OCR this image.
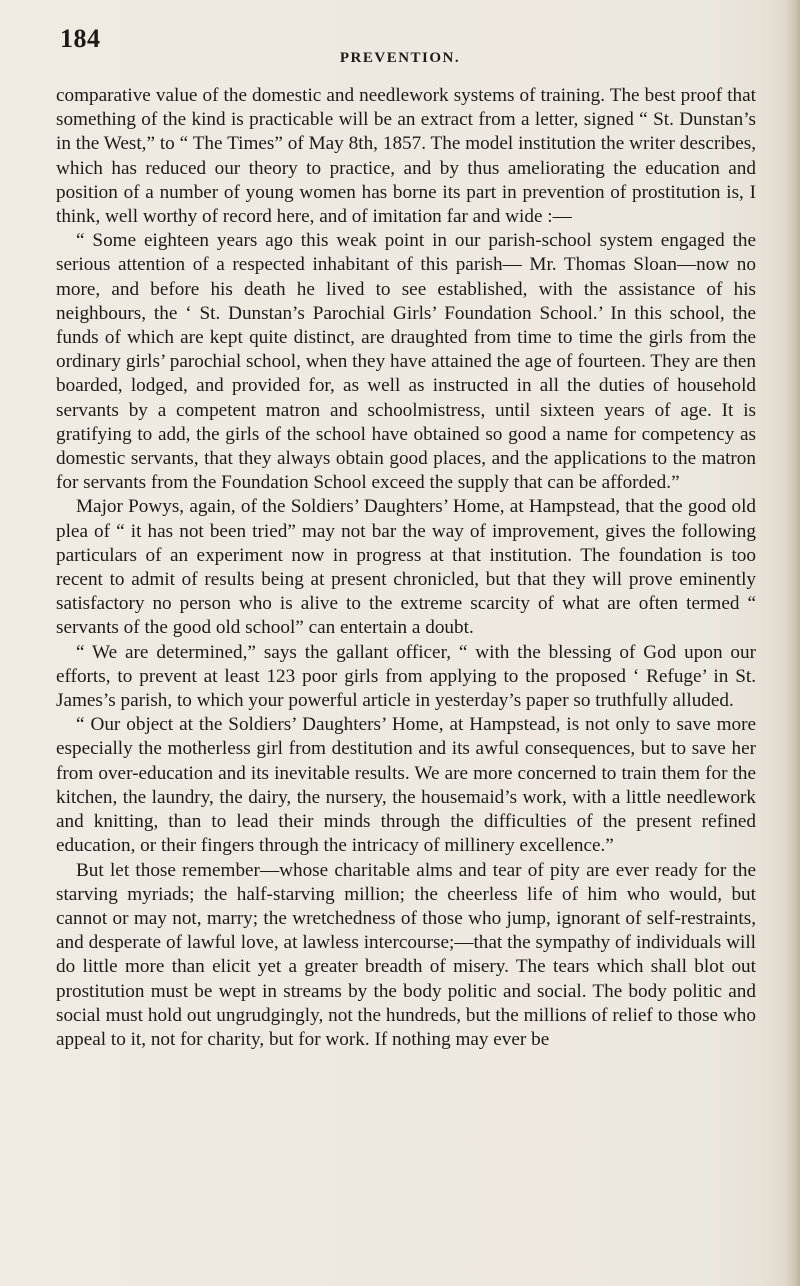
184
PREVENTION.

comparative value of the domestic and needlework systems of training. The best proof that something of the kind is practicable will be an extract from a letter, signed “ St. Dunstan’s in the West,” to “ The Times” of May 8th, 1857. The model institution the writer describes, which has reduced our theory to practice, and by thus ameliorating the education and position of a number of young women has borne its part in prevention of prostitution is, I think, well worthy of record here, and of imitation far and wide :—

“ Some eighteen years ago this weak point in our parish-school system engaged the serious attention of a respected inhabitant of this parish— Mr. Thomas Sloan—now no more, and before his death he lived to see established, with the assistance of his neighbours, the ‘ St. Dunstan’s Parochial Girls’ Foundation School.’ In this school, the funds of which are kept quite distinct, are draughted from time to time the girls from the ordinary girls’ parochial school, when they have attained the age of fourteen. They are then boarded, lodged, and provided for, as well as instructed in all the duties of household servants by a competent matron and schoolmistress, until sixteen years of age. It is gratifying to add, the girls of the school have obtained so good a name for competency as domestic servants, that they always obtain good places, and the applications to the matron for servants from the Foundation School exceed the supply that can be afforded.”

Major Powys, again, of the Soldiers’ Daughters’ Home, at Hampstead, that the good old plea of “ it has not been tried” may not bar the way of improvement, gives the following particulars of an experiment now in progress at that institution. The foundation is too recent to admit of results being at present chronicled, but that they will prove eminently satisfactory no person who is alive to the extreme scarcity of what are often termed “ servants of the good old school” can entertain a doubt.

“ We are determined,” says the gallant officer, “ with the blessing of God upon our efforts, to prevent at least 123 poor girls from applying to the proposed ‘ Refuge’ in St. James’s parish, to which your powerful article in yesterday’s paper so truthfully alluded.

“ Our object at the Soldiers’ Daughters’ Home, at Hampstead, is not only to save more especially the motherless girl from destitution and its awful consequences, but to save her from over-education and its inevitable results. We are more concerned to train them for the kitchen, the laundry, the dairy, the nursery, the housemaid’s work, with a little needlework and knitting, than to lead their minds through the difficulties of the present refined education, or their fingers through the intricacy of millinery excellence.”

But let those remember—whose charitable alms and tear of pity are ever ready for the starving myriads; the half-starving million; the cheerless life of him who would, but cannot or may not, marry; the wretchedness of those who jump, ignorant of self-restraints, and desperate of lawful love, at lawless intercourse;—that the sympathy of individuals will do little more than elicit yet a greater breadth of misery. The tears which shall blot out prostitution must be wept in streams by the body politic and social. The body politic and social must hold out ungrudgingly, not the hundreds, but the millions of relief to those who appeal to it, not for charity, but for work. If nothing may ever be
